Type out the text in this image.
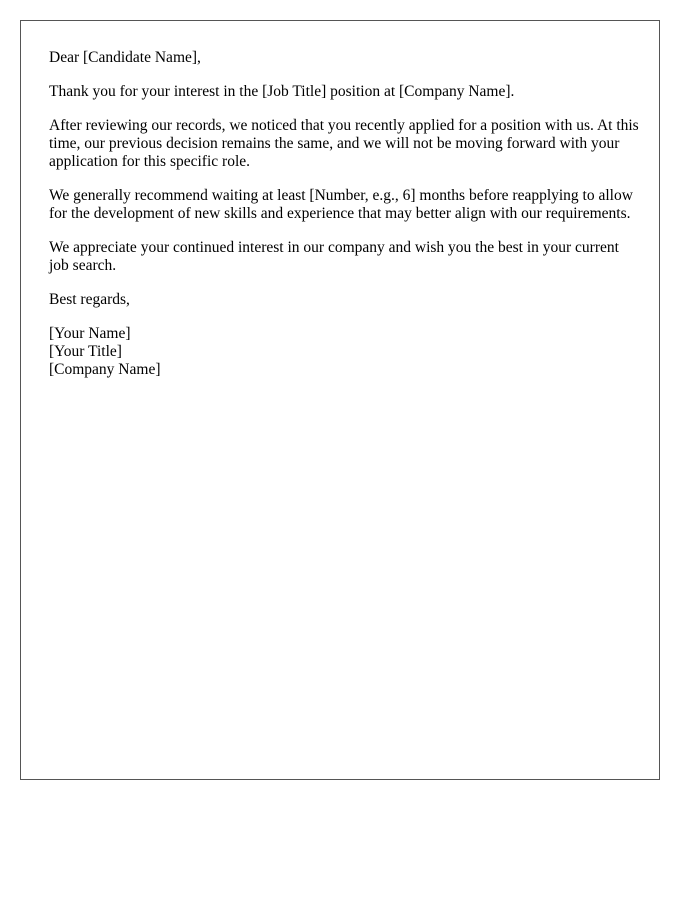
Dear [Candidate Name],

Thank you for your interest in the [Job Title] position at [Company Name].

After reviewing our records, we noticed that you recently applied for a position with us. At this time, our previous decision remains the same, and we will not be moving forward with your application for this specific role.

We generally recommend waiting at least [Number, e.g., 6] months before reapplying to allow for the development of new skills and experience that may better align with our requirements.

We appreciate your continued interest in our company and wish you the best in your current job search.

Best regards,

[Your Name]
[Your Title]
[Company Name]
